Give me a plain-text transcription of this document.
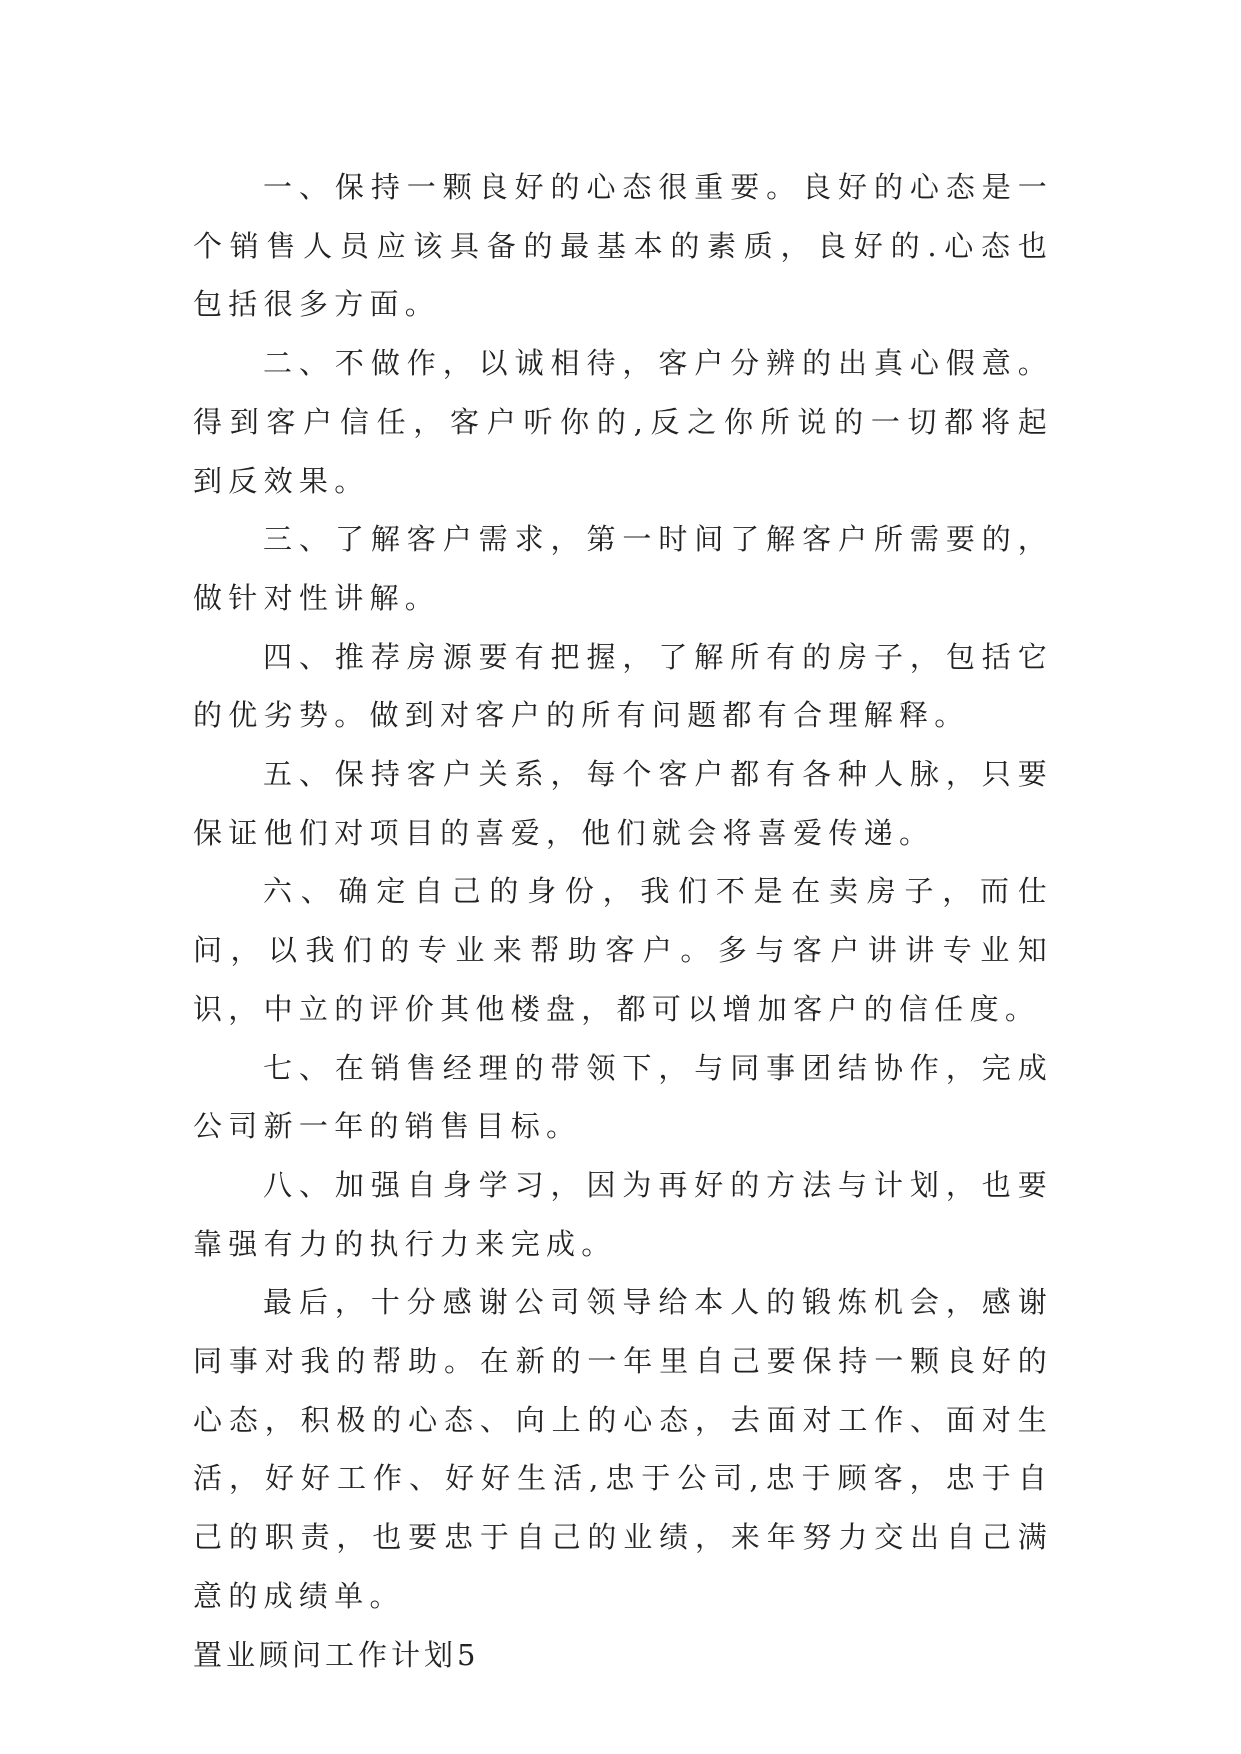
一、保持一颗良好的心态很重要。良好的心态是一个销售人员应该具备的最基本的素质，良好的.心态也包括很多方面。

二、不做作，以诚相待，客户分辨的出真心假意。得到客户信任，客户听你的,反之你所说的一切都将起到反效果。

三、了解客户需求，第一时间了解客户所需要的，做针对性讲解。

四、推荐房源要有把握，了解所有的房子，包括它的优劣势。做到对客户的所有问题都有合理解释。

五、保持客户关系，每个客户都有各种人脉，只要保证他们对项目的喜爱，他们就会将喜爱传递。

六、确定自己的身份，我们不是在卖房子，而仕问，以我们的专业来帮助客户。多与客户讲讲专业知识，中立的评价其他楼盘，都可以增加客户的信任度。

七、在销售经理的带领下，与同事团结协作，完成公司新一年的销售目标。

八、加强自身学习，因为再好的方法与计划，也要靠强有力的执行力来完成。

最后，十分感谢公司领导给本人的锻炼机会，感谢同事对我的帮助。在新的一年里自己要保持一颗良好的心态，积极的心态、向上的心态，去面对工作、面对生活，好好工作、好好生活,忠于公司,忠于顾客，忠于自己的职责，也要忠于自己的业绩，来年努力交出自己满意的成绩单。

置业顾问工作计划5
